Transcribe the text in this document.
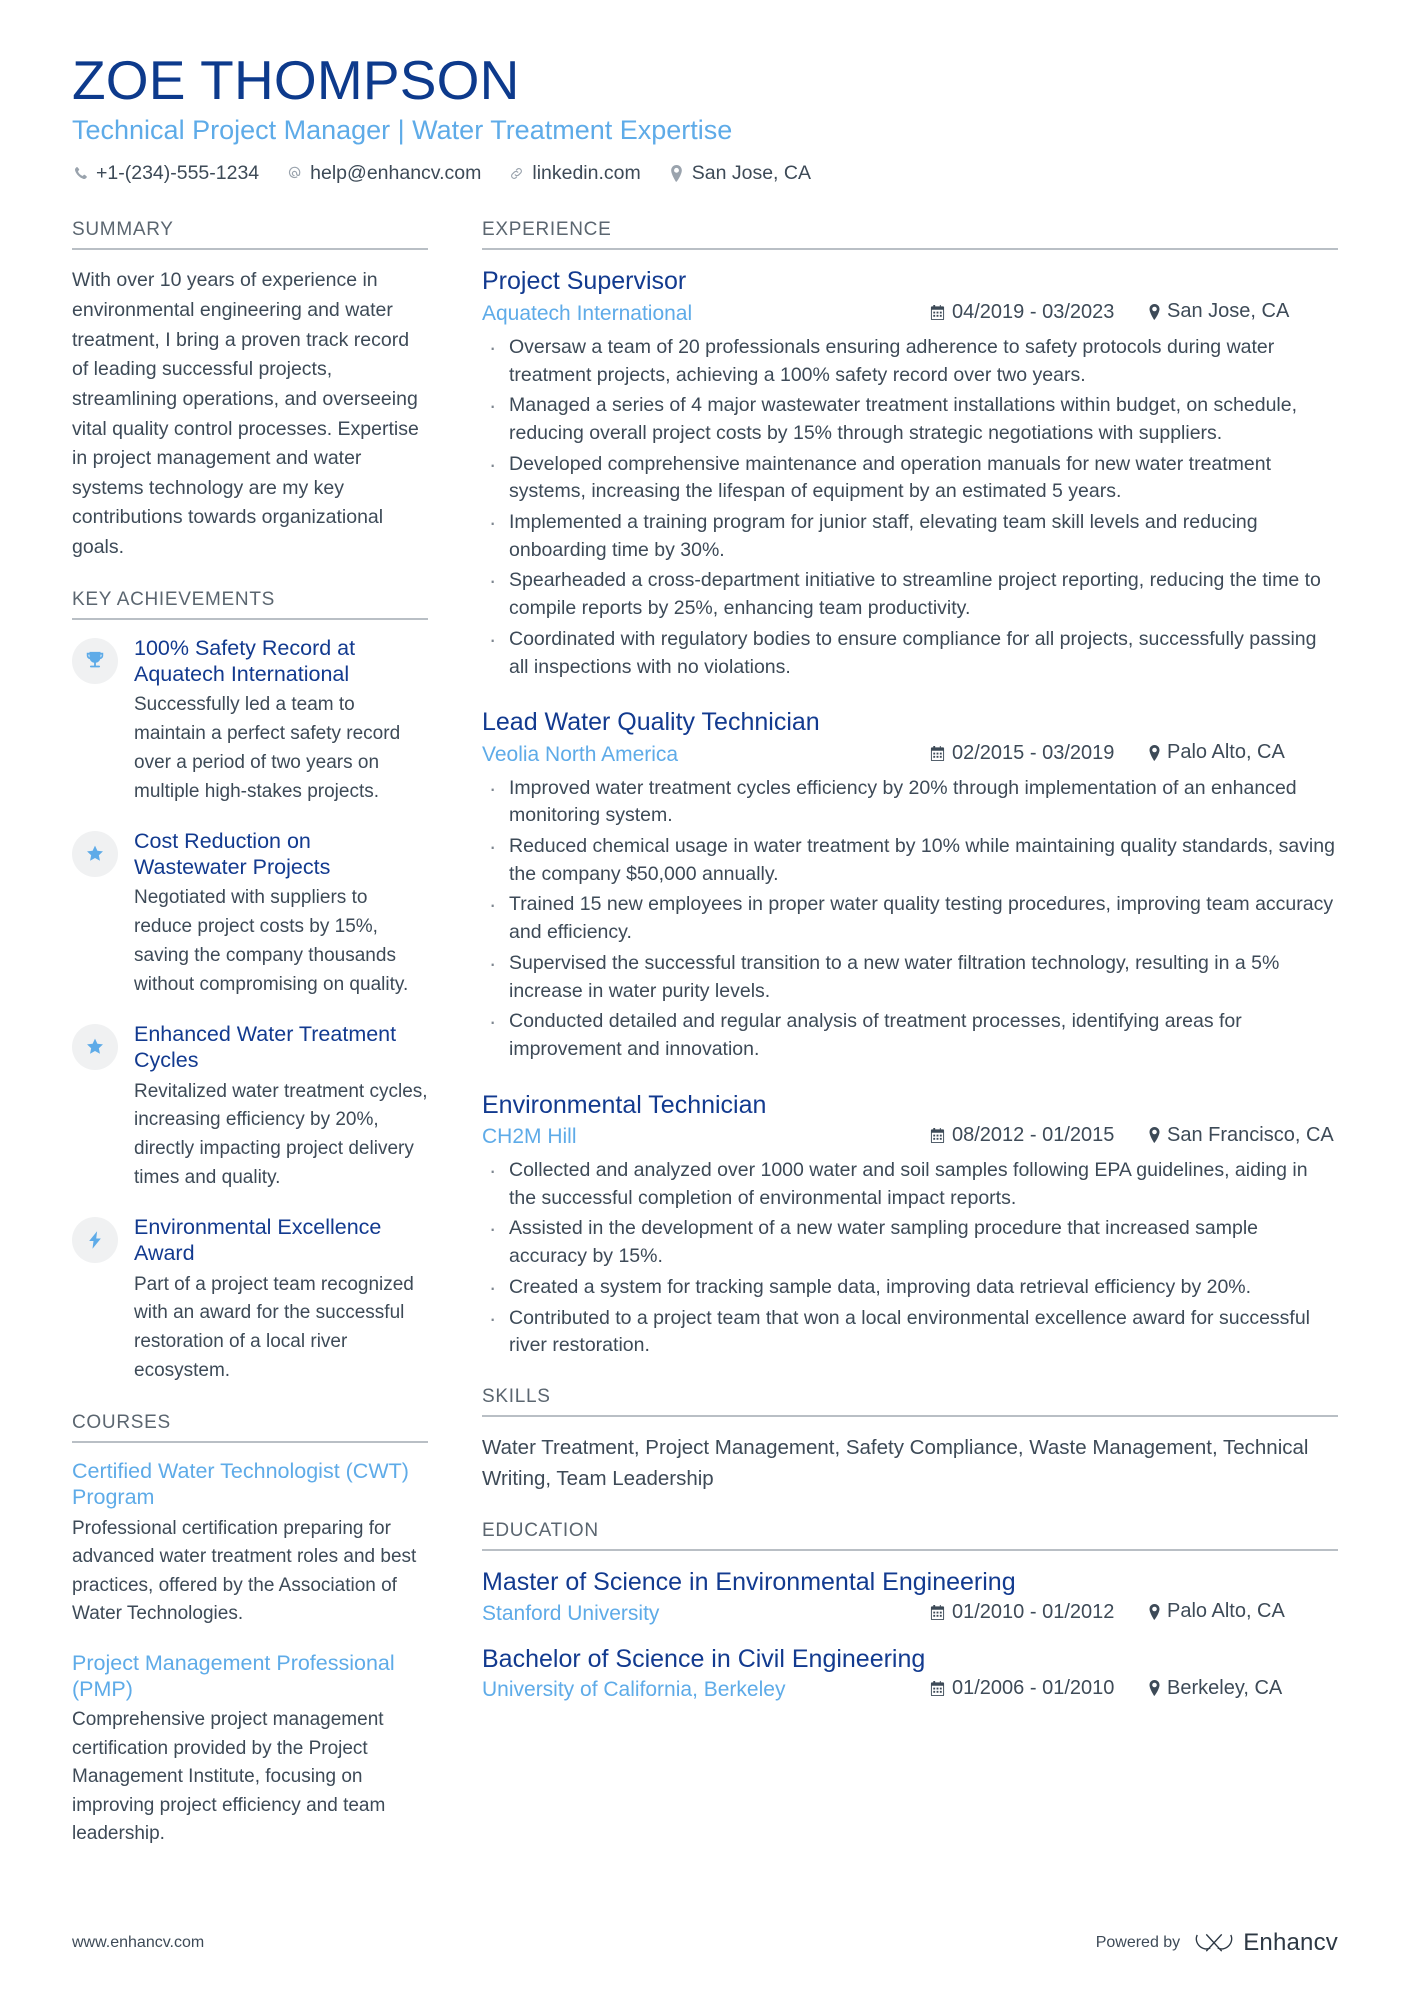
ZOE THOMPSON
Technical Project Manager | Water Treatment Expertise
+1-(234)-555-1234	help@enhancv.com	linkedin.com	San Jose, CA
SUMMARY
With over 10 years of experience in environmental engineering and water treatment, I bring a proven track record of leading successful projects, streamlining operations, and overseeing vital quality control processes. Expertise in project management and water systems technology are my key contributions towards organizational goals.
KEY ACHIEVEMENTS
100% Safety Record at Aquatech International
Successfully led a team to maintain a perfect safety record over a period of two years on multiple high-stakes projects.
Cost Reduction on Wastewater Projects
Negotiated with suppliers to reduce project costs by 15%, saving the company thousands without compromising on quality.
Enhanced Water Treatment Cycles
Revitalized water treatment cycles, increasing efficiency by 20%, directly impacting project delivery times and quality.
Environmental Excellence Award
Part of a project team recognized with an award for the successful restoration of a local river ecosystem.
COURSES
Certified Water Technologist (CWT) Program
Professional certification preparing for advanced water treatment roles and best practices, offered by the Association of Water Technologies.
Project Management Professional (PMP)
Comprehensive project management certification provided by the Project Management Institute, focusing on improving project efficiency and team leadership.
EXPERIENCE
Project Supervisor
Aquatech International	04/2019 - 03/2023	San Jose, CA
· Oversaw a team of 20 professionals ensuring adherence to safety protocols during water treatment projects, achieving a 100% safety record over two years.
· Managed a series of 4 major wastewater treatment installations within budget, on schedule, reducing overall project costs by 15% through strategic negotiations with suppliers.
· Developed comprehensive maintenance and operation manuals for new water treatment systems, increasing the lifespan of equipment by an estimated 5 years.
· Implemented a training program for junior staff, elevating team skill levels and reducing onboarding time by 30%.
· Spearheaded a cross-department initiative to streamline project reporting, reducing the time to compile reports by 25%, enhancing team productivity.
· Coordinated with regulatory bodies to ensure compliance for all projects, successfully passing all inspections with no violations.
Lead Water Quality Technician
Veolia North America	02/2015 - 03/2019	Palo Alto, CA
· Improved water treatment cycles efficiency by 20% through implementation of an enhanced monitoring system.
· Reduced chemical usage in water treatment by 10% while maintaining quality standards, saving the company $50,000 annually.
· Trained 15 new employees in proper water quality testing procedures, improving team accuracy and efficiency.
· Supervised the successful transition to a new water filtration technology, resulting in a 5% increase in water purity levels.
· Conducted detailed and regular analysis of treatment processes, identifying areas for improvement and innovation.
Environmental Technician
CH2M Hill	08/2012 - 01/2015	San Francisco, CA
· Collected and analyzed over 1000 water and soil samples following EPA guidelines, aiding in the successful completion of environmental impact reports.
· Assisted in the development of a new water sampling procedure that increased sample accuracy by 15%.
· Created a system for tracking sample data, improving data retrieval efficiency by 20%.
· Contributed to a project team that won a local environmental excellence award for successful river restoration.
SKILLS
Water Treatment, Project Management, Safety Compliance, Waste Management, Technical Writing, Team Leadership
EDUCATION
Master of Science in Environmental Engineering
Stanford University	01/2010 - 01/2012	Palo Alto, CA
Bachelor of Science in Civil Engineering
University of California, Berkeley	01/2006 - 01/2010	Berkeley, CA
www.enhancv.com	Powered by	Enhancv
